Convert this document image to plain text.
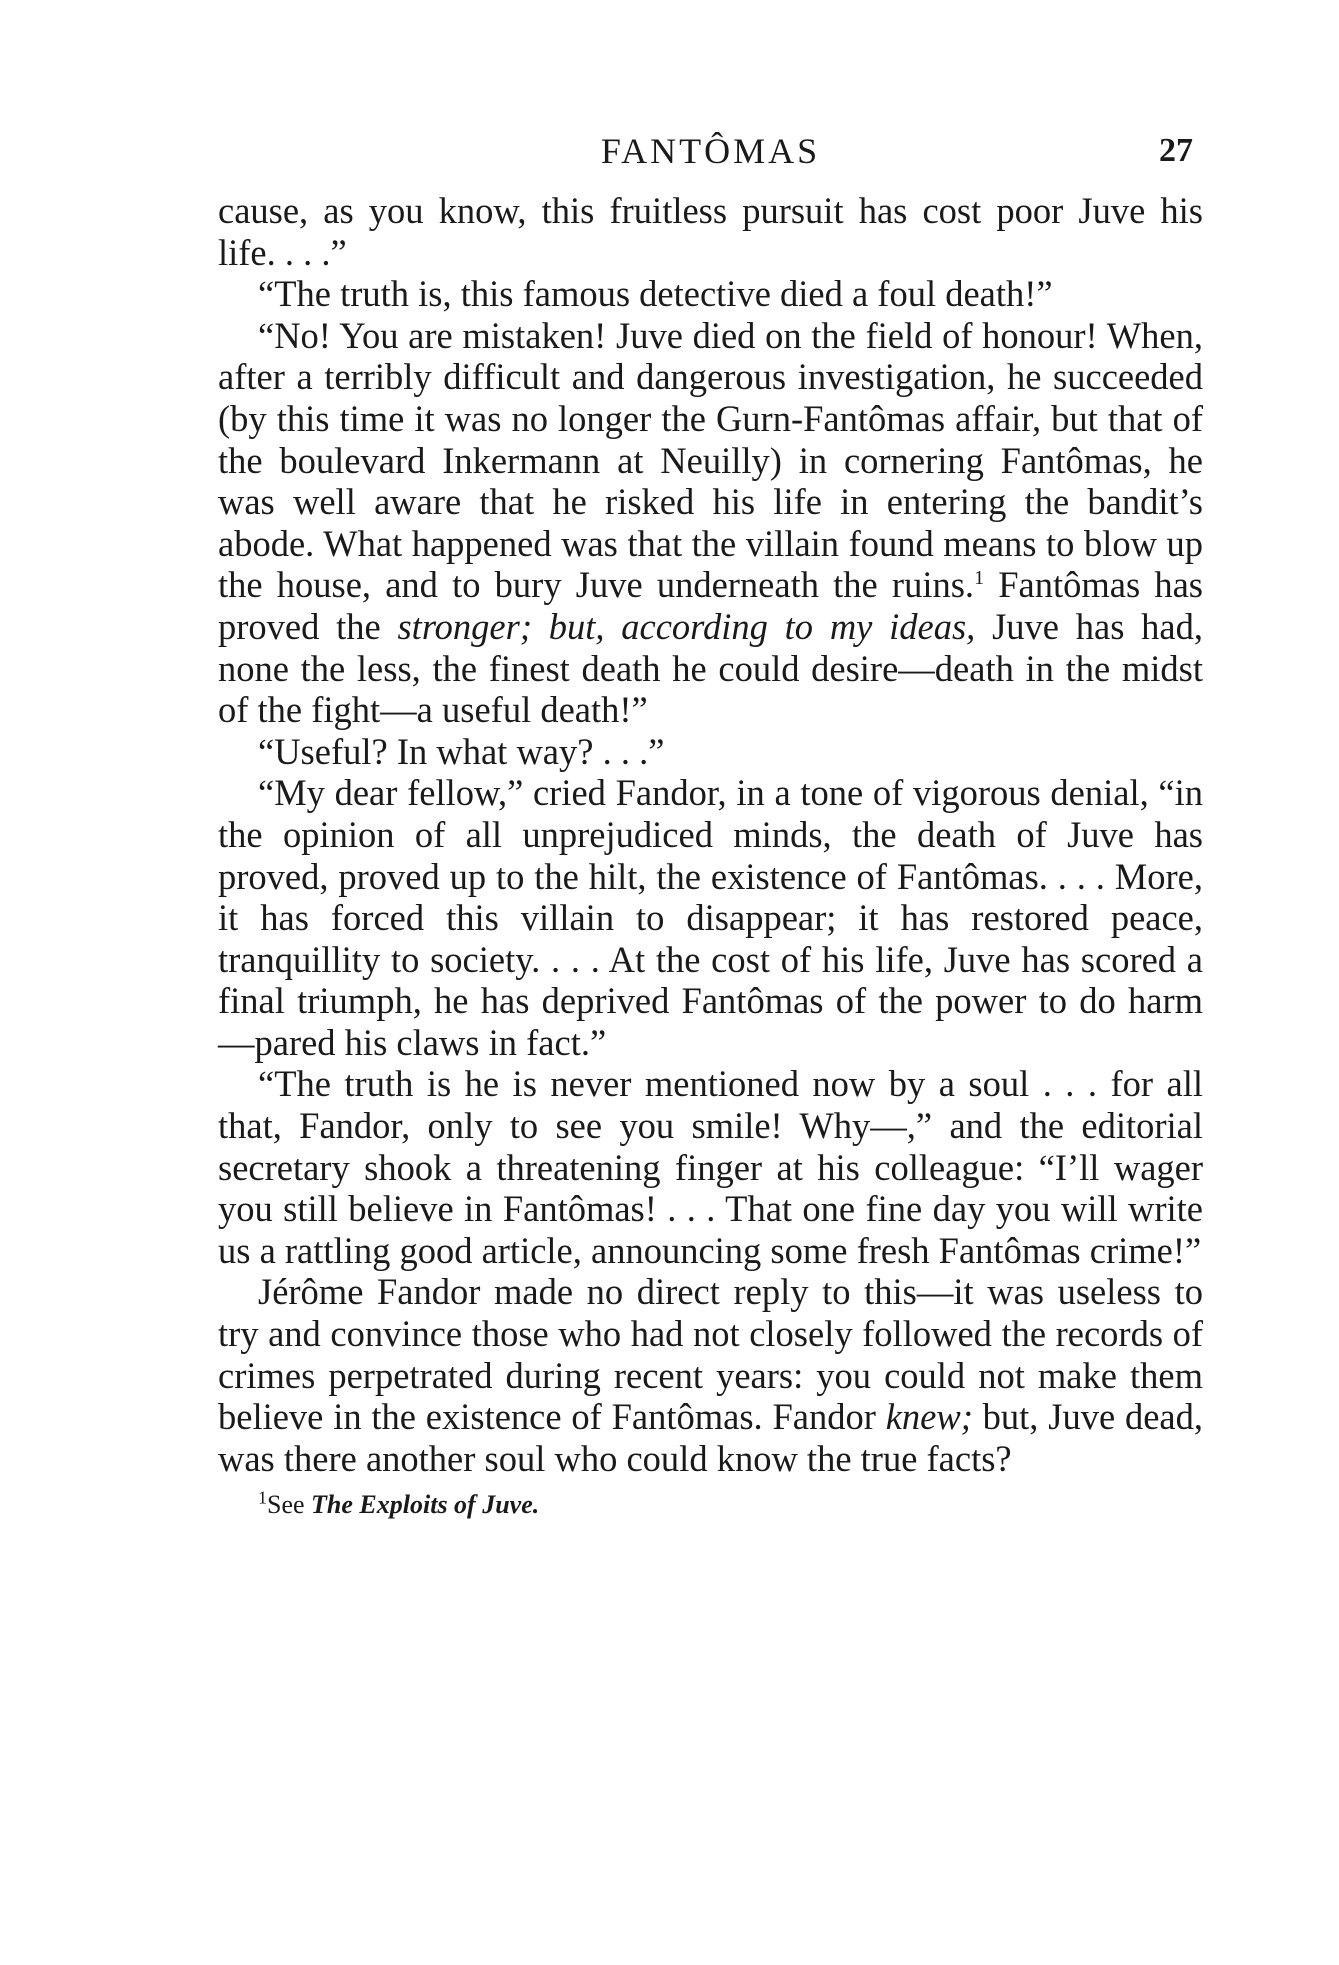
FANTÔMAS	27

cause, as you know, this fruitless pursuit has cost poor Juve his life. . . .”

“The truth is, this famous detective died a foul death!”

“No! You are mistaken! Juve died on the field of honour! When, after a terribly difficult and dangerous investigation, he succeeded (by this time it was no longer the Gurn-Fantômas affair, but that of the boulevard Inkermann at Neuilly) in cornering Fantômas, he was well aware that he risked his life in entering the bandit’s abode. What happened was that the villain found means to blow up the house, and to bury Juve underneath the ruins.$^1$ Fantômas has proved the stronger; but, according to my ideas, Juve has had, none the less, the finest death he could desire—death in the midst of the fight—a useful death!”

“Useful? In what way? . . .”

“My dear fellow,” cried Fandor, in a tone of vigorous denial, “in the opinion of all unprejudiced minds, the death of Juve has proved, proved up to the hilt, the existence of Fantômas. . . . More, it has forced this villain to disappear; it has restored peace, tranquillity to society. . . . At the cost of his life, Juve has scored a final triumph, he has deprived Fantômas of the power to do harm—pared his claws in fact.”

“The truth is he is never mentioned now by a soul . . . for all that, Fandor, only to see you smile! Why—,” and the editorial secretary shook a threatening finger at his colleague: “I’ll wager you still believe in Fantômas! . . . That one fine day you will write us a rattling good article, announcing some fresh Fantômas crime!”

Jérôme Fandor made no direct reply to this—it was useless to try and convince those who had not closely followed the records of crimes perpetrated during recent years: you could not make them believe in the existence of Fantômas. Fandor knew; but, Juve dead, was there another soul who could know the true facts?

$^1$See The Exploits of Juve.
